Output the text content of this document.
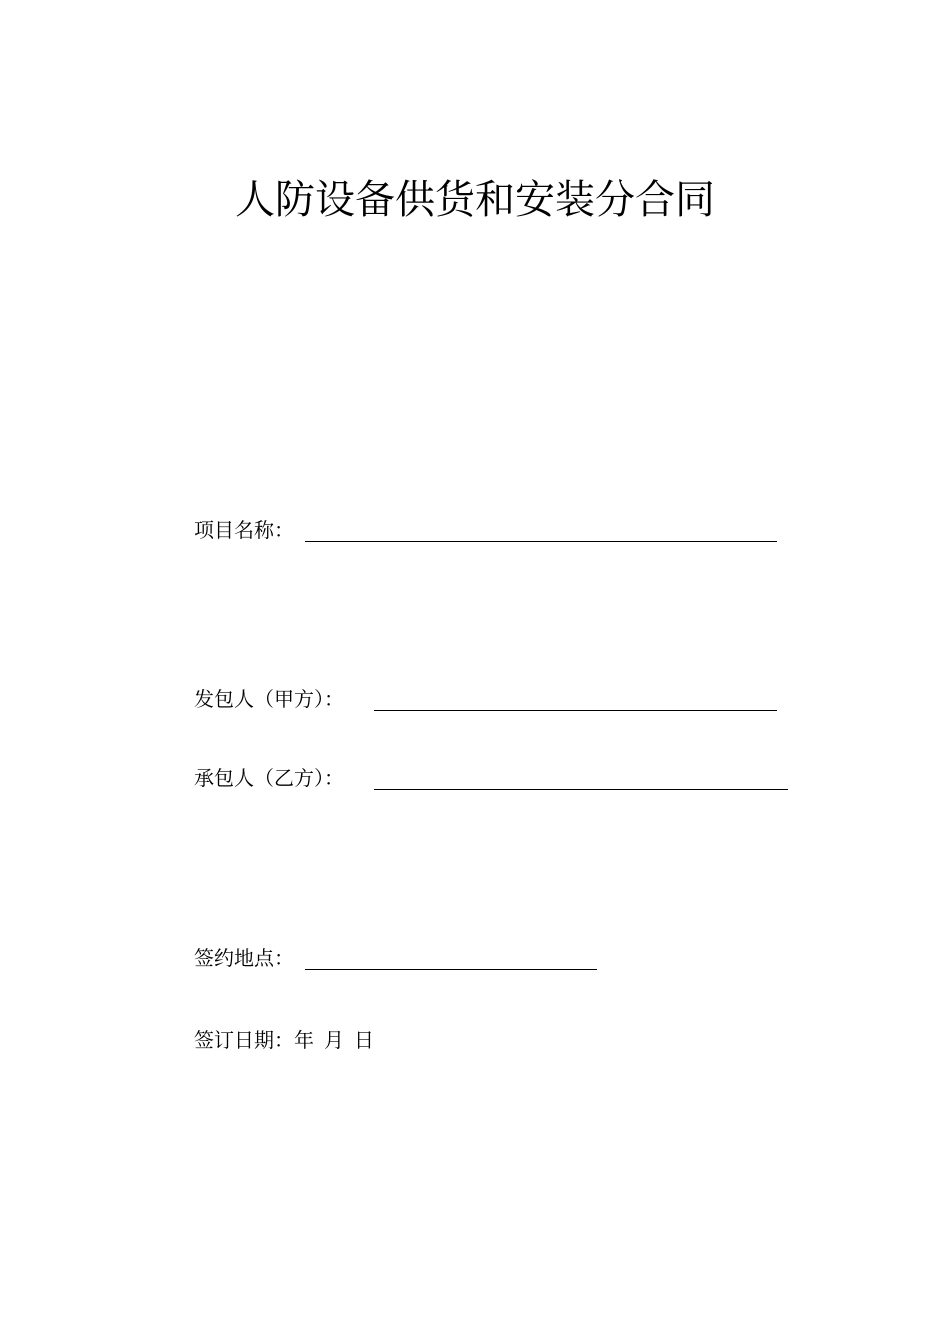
人防设备供货和安装分合同
项目名称：
发包人（甲方）：
承包人（乙方）：
签约地点：
签订日期：年 月 日
